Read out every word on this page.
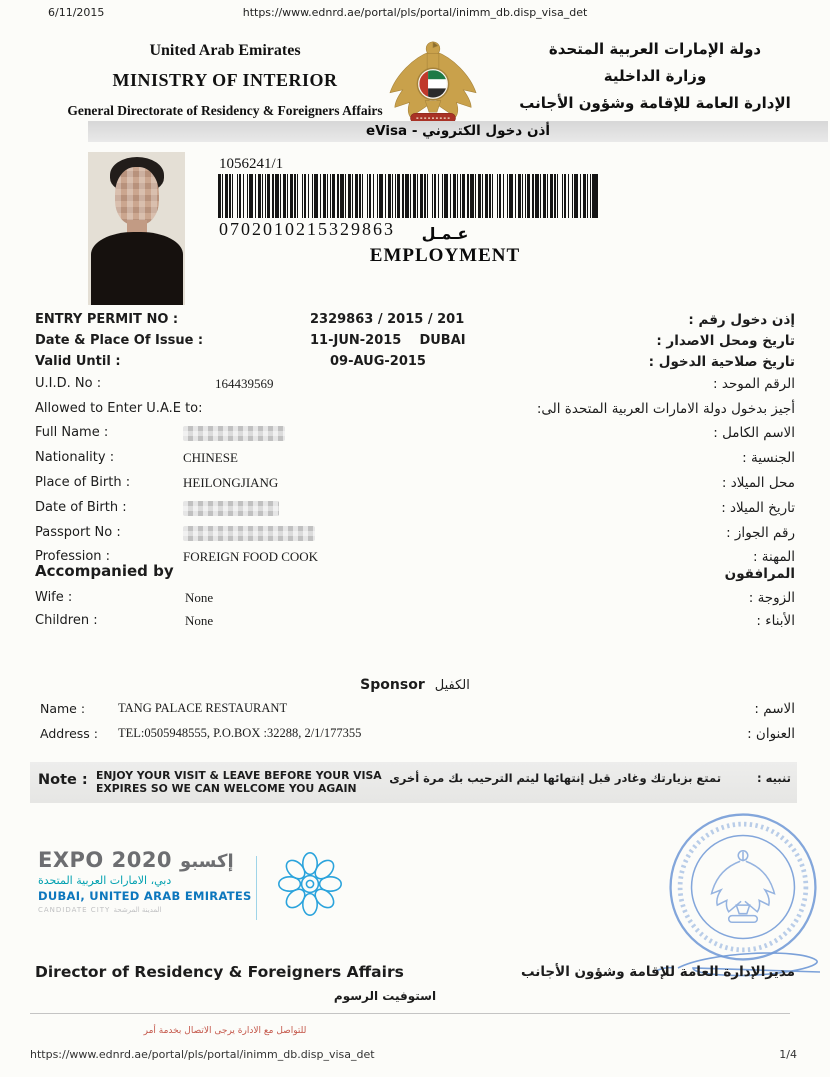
6/11/2015	https://www.ednrd.ae/portal/pls/portal/inimm_db.disp_visa_det
United Arab Emirates
MINISTRY OF INTERIOR
General Directorate of Residency & Foreigners Affairs
دولة الإمارات العربية المتحدة
وزارة الداخلية
الإدارة العامة للإقامة وشؤون الأجانب
أذن دخول الكتروني - eVisa
1056241/1
0702010215329863	عـمـل
EMPLOYMENT
ENTRY PERMIT NO :	2329863 / 2015 / 201	إذن دخول رقم :
Date & Place Of Issue :	11-JUN-2015    DUBAI	تاريخ ومحل الاصدار :
Valid Until :	09-AUG-2015	تاريخ صلاحية الدخول :
U.I.D. No :	164439569	الرقم الموحد :
Allowed to Enter U.A.E to:	أجيز بدخول دولة الامارات العربية المتحدة الى:
Full Name :	الاسم الكامل :
Nationality :	CHINESE	الجنسية :
Place of Birth :	HEILONGJIANG	محل الميلاد :
Date of Birth :	تاريخ الميلاد :
Passport No :	رقم الجواز :
Profession :	FOREIGN FOOD COOK	المهنة :
Accompanied by	المرافقون
Wife :	None	الزوجة :
Children :	None	الأبناء :
Sponsor الكفيل
Name :	TANG PALACE RESTAURANT	الاسم :
Address : TEL:0505948555, P.O.BOX :32288, 2/1/177355	العنوان :
Note : ENJOY YOUR VISIT & LEAVE BEFORE YOUR VISA
EXPIRES SO WE CAN WELCOME YOU AGAIN
تنبيه :تمتع بزيارتك وغادر قبل إنتهائها ليتم الترحيب بك مرة أخرى
EXPO 2020 إكسبو
دبي، الامارات العربية المتحدة
DUBAI, UNITED ARAB EMIRATES
CANDIDATE CITY المدينة المرشحة
Director of Residency & Foreigners Affairs	مديرالإدارة العامة للإقامة وشؤون الأجانب
استوفيت الرسوم
للتواصل مع الادارة يرجى الاتصال بخدمة أمر
https://www.ednrd.ae/portal/pls/portal/inimm_db.disp_visa_det	1/4
